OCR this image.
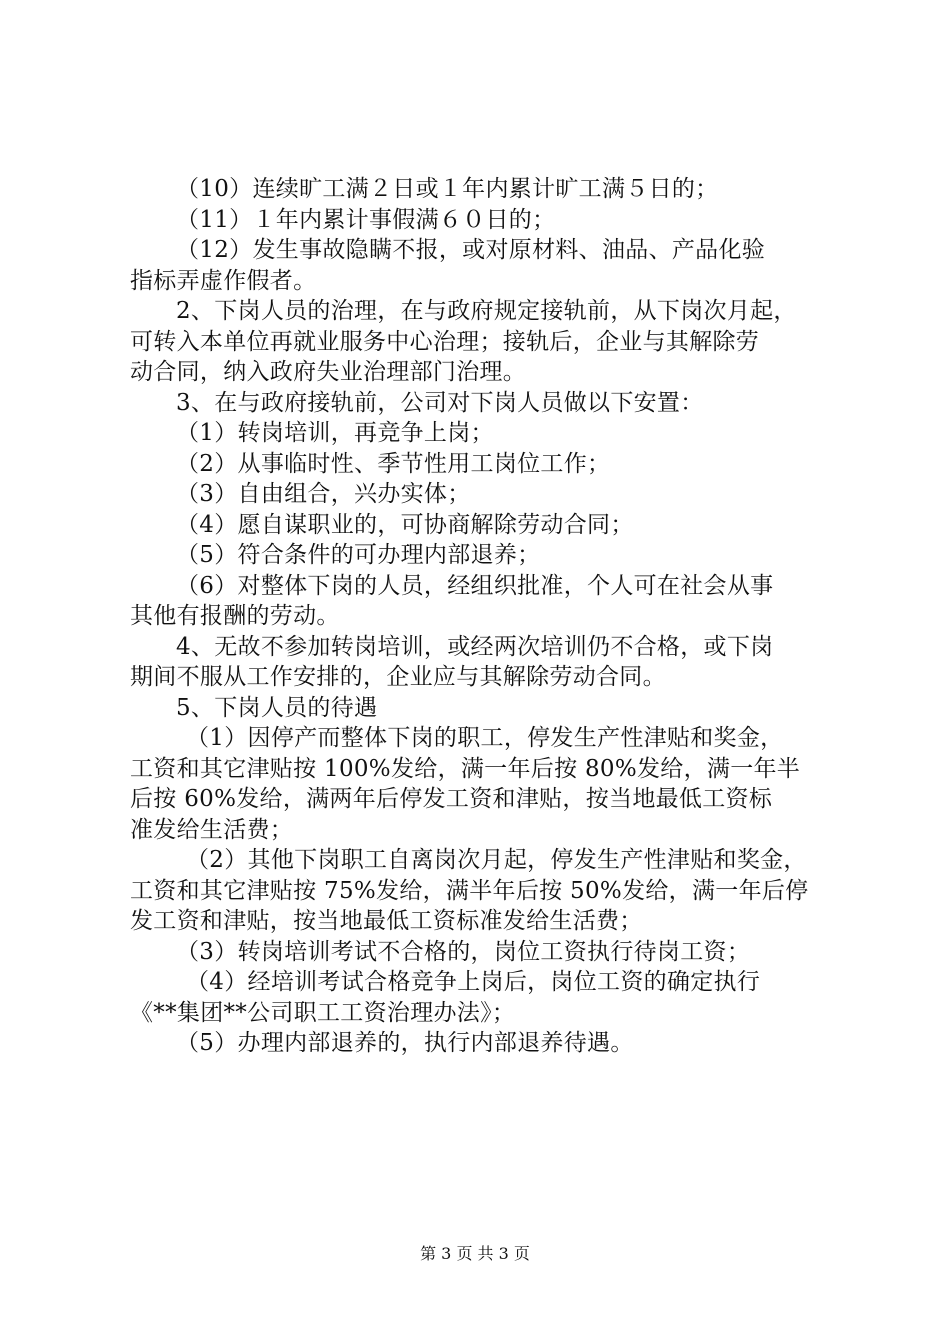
（10）连续旷工满２日或１年内累计旷工满５日的；
（11）１年内累计事假满６０日的；
（12）发生事故隐瞒不报，或对原材料、油品、产品化验
指标弄虚作假者。
2、下岗人员的治理，在与政府规定接轨前，从下岗次月起，
可转入本单位再就业服务中心治理；接轨后，企业与其解除劳
动合同，纳入政府失业治理部门治理。
3、在与政府接轨前，公司对下岗人员做以下安置：
（1）转岗培训，再竞争上岗；
（2）从事临时性、季节性用工岗位工作；
（3）自由组合，兴办实体；
（4）愿自谋职业的，可协商解除劳动合同；
（5）符合条件的可办理内部退养；
（6）对整体下岗的人员，经组织批准，个人可在社会从事
其他有报酬的劳动。
4、无故不参加转岗培训，或经两次培训仍不合格，或下岗
期间不服从工作安排的，企业应与其解除劳动合同。
5、下岗人员的待遇
（1）因停产而整体下岗的职工，停发生产性津贴和奖金，
工资和其它津贴按 100%发给，满一年后按 80%发给，满一年半
后按 60%发给，满两年后停发工资和津贴，按当地最低工资标
准发给生活费；
（2）其他下岗职工自离岗次月起，停发生产性津贴和奖金，
工资和其它津贴按 75%发给，满半年后按 50%发给，满一年后停
发工资和津贴，按当地最低工资标准发给生活费；
（3）转岗培训考试不合格的，岗位工资执行待岗工资；
（4）经培训考试合格竞争上岗后，岗位工资的确定执行
《**集团**公司职工工资治理办法》；
（5）办理内部退养的，执行内部退养待遇。
第 3 页 共 3 页
